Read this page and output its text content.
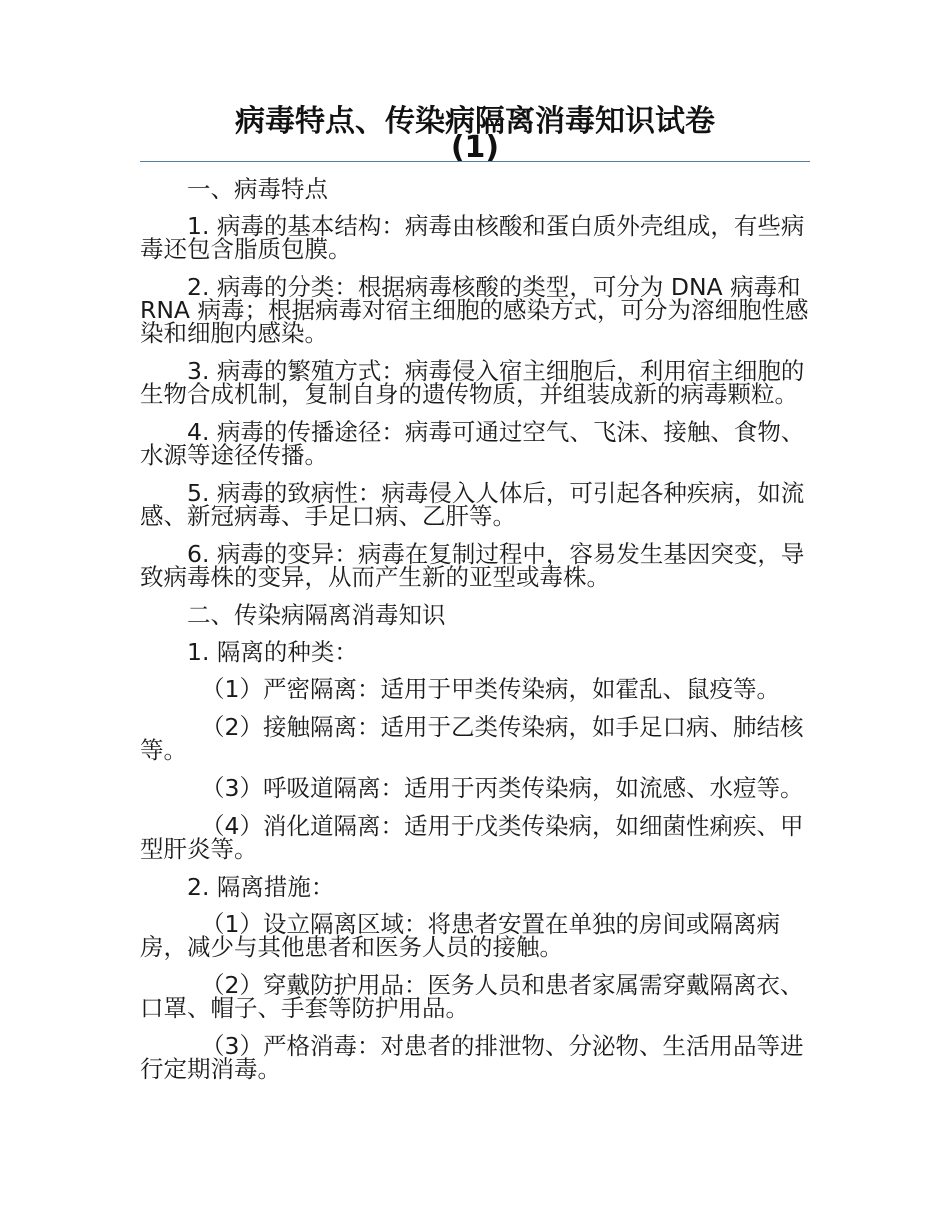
病毒特点、传染病隔离消毒知识试卷
(1)

一、病毒特点

1. 病毒的基本结构：病毒由核酸和蛋白质外壳组成，有些病毒还包含脂质包膜。

2. 病毒的分类：根据病毒核酸的类型，可分为 DNA 病毒和 RNA 病毒；根据病毒对宿主细胞的感染方式，可分为溶细胞性感染和细胞内感染。

3. 病毒的繁殖方式：病毒侵入宿主细胞后，利用宿主细胞的生物合成机制，复制自身的遗传物质，并组装成新的病毒颗粒。

4. 病毒的传播途径：病毒可通过空气、飞沫、接触、食物、水源等途径传播。

5. 病毒的致病性：病毒侵入人体后，可引起各种疾病，如流感、新冠病毒、手足口病、乙肝等。

6. 病毒的变异：病毒在复制过程中，容易发生基因突变，导致病毒株的变异，从而产生新的亚型或毒株。

二、传染病隔离消毒知识

1. 隔离的种类：

（1）严密隔离：适用于甲类传染病，如霍乱、鼠疫等。

（2）接触隔离：适用于乙类传染病，如手足口病、肺结核等。

（3）呼吸道隔离：适用于丙类传染病，如流感、水痘等。

（4）消化道隔离：适用于戊类传染病，如细菌性痢疾、甲型肝炎等。

2. 隔离措施：

（1）设立隔离区域：将患者安置在单独的房间或隔离病房，减少与其他患者和医务人员的接触。

（2）穿戴防护用品：医务人员和患者家属需穿戴隔离衣、口罩、帽子、手套等防护用品。

（3）严格消毒：对患者的排泄物、分泌物、生活用品等进行定期消毒。
